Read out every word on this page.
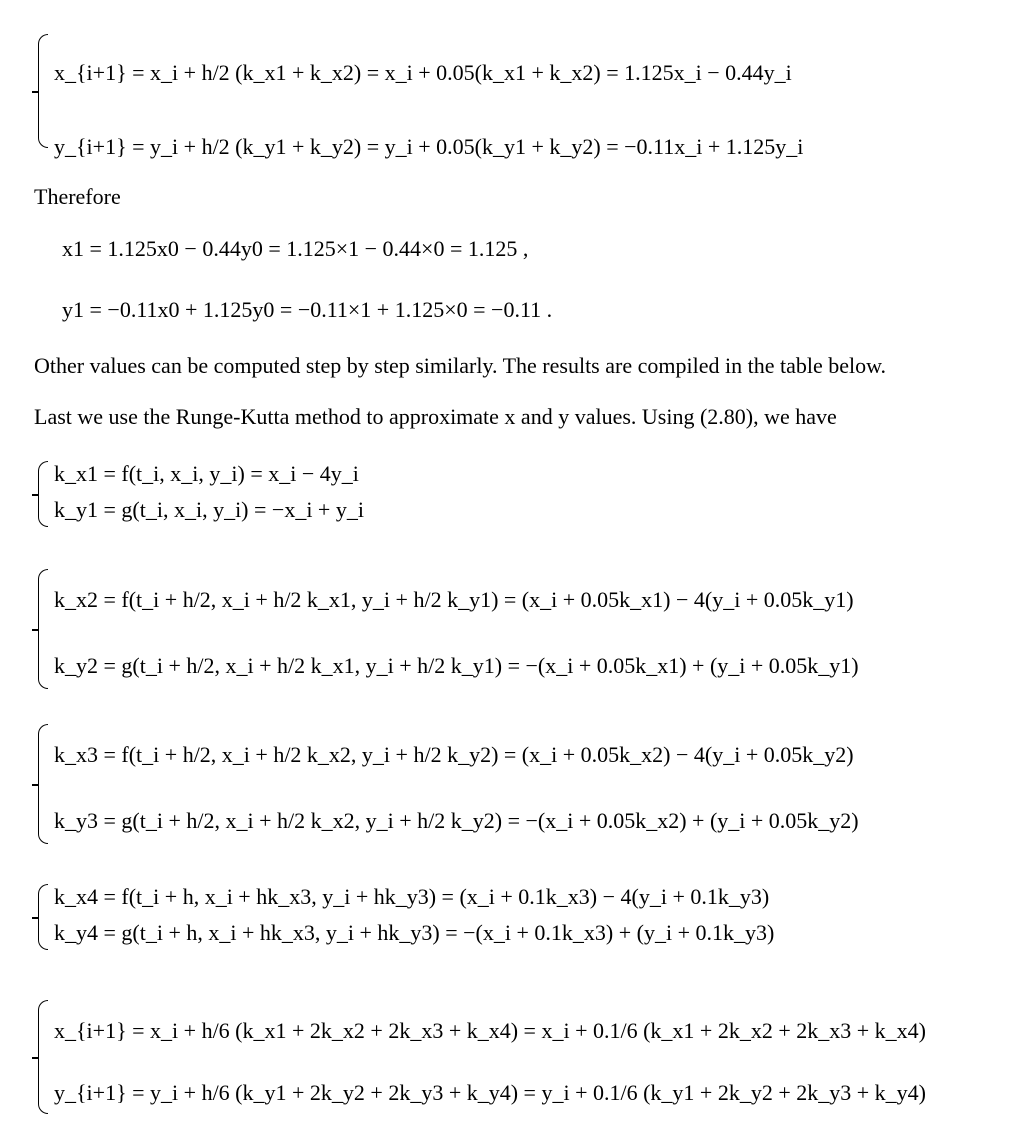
x_{i+1} = x_i + h/2 (k_x1 + k_x2) = x_i + 0.05(k_x1 + k_x2) = 1.125x_i − 0.44y_i
y_{i+1} = y_i + h/2 (k_y1 + k_y2) = y_i + 0.05(k_y1 + k_y2) = −0.11x_i + 1.125y_i
Therefore
x1 = 1.125x0 − 0.44y0 = 1.125×1 − 0.44×0 = 1.125 ,
y1 = −0.11x0 + 1.125y0 = −0.11×1 + 1.125×0 = −0.11 .
Other values can be computed step by step similarly. The results are compiled in the table below.
Last we use the Runge-Kutta method to approximate x and y values. Using (2.80), we have
k_x1 = f(t_i, x_i, y_i) = x_i − 4y_i
k_y1 = g(t_i, x_i, y_i) = −x_i + y_i
k_x2 = f(t_i + h/2, x_i + h/2 k_x1, y_i + h/2 k_y1) = (x_i + 0.05k_x1) − 4(y_i + 0.05k_y1)
k_y2 = g(t_i + h/2, x_i + h/2 k_x1, y_i + h/2 k_y1) = −(x_i + 0.05k_x1) + (y_i + 0.05k_y1)
k_x3 = f(t_i + h/2, x_i + h/2 k_x2, y_i + h/2 k_y2) = (x_i + 0.05k_x2) − 4(y_i + 0.05k_y2)
k_y3 = g(t_i + h/2, x_i + h/2 k_x2, y_i + h/2 k_y2) = −(x_i + 0.05k_x2) + (y_i + 0.05k_y2)
k_x4 = f(t_i + h, x_i + hk_x3, y_i + hk_y3) = (x_i + 0.1k_x3) − 4(y_i + 0.1k_y3)
k_y4 = g(t_i + h, x_i + hk_x3, y_i + hk_y3) = −(x_i + 0.1k_x3) + (y_i + 0.1k_y3)
x_{i+1} = x_i + h/6 (k_x1 + 2k_x2 + 2k_x3 + k_x4) = x_i + 0.1/6 (k_x1 + 2k_x2 + 2k_x3 + k_x4)
y_{i+1} = y_i + h/6 (k_y1 + 2k_y2 + 2k_y3 + k_y4) = y_i + 0.1/6 (k_y1 + 2k_y2 + 2k_y3 + k_y4)
